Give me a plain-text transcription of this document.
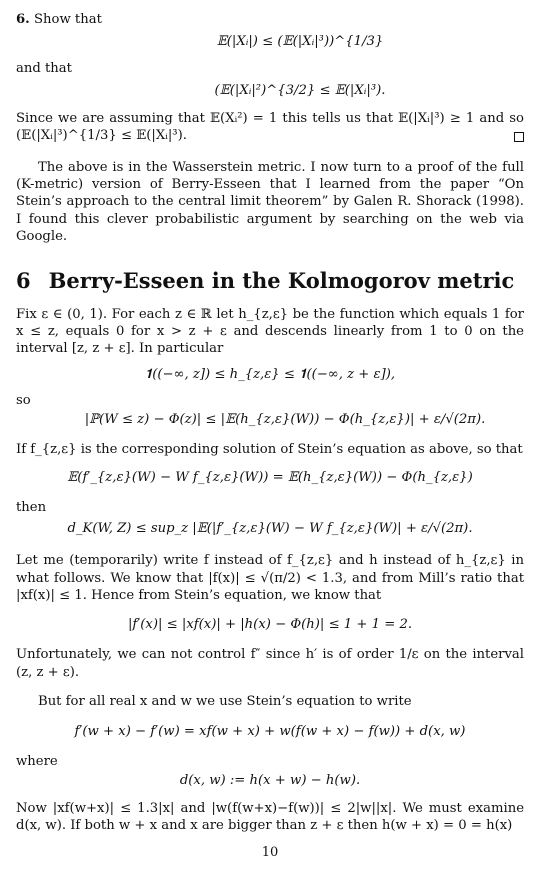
6. Show that

𝔼(|Xᵢ|) ≤ (𝔼(|Xᵢ|³))^{1/3}

and that

(𝔼(|Xᵢ|²)^{3/2} ≤ 𝔼(|Xᵢ|³).

Since we are assuming that 𝔼(Xᵢ²) = 1 this tells us that 𝔼(|Xᵢ|³) ≥ 1 and so (𝔼(|Xᵢ|³)^{1/3} ≤ 𝔼(|Xᵢ|³).

The above is in the Wasserstein metric. I now turn to a proof of the full (K-metric) version of Berry-Esseen that I learned from the paper “On Stein’s approach to the central limit theorem” by Galen R. Shorack (1998). I found this clever probabilistic argument by searching on the web via Google.

6 Berry-Esseen in the Kolmogorov metric

Fix ε ∈ (0, 1). For each z ∈ ℝ let h_{z,ε} be the function which equals 1 for x ≤ z, equals 0 for x > z + ε and descends linearly from 1 to 0 on the interval [z, z + ε]. In particular

𝟏((−∞, z]) ≤ h_{z,ε} ≤ 𝟏((−∞, z + ε]),

so

|ℙ(W ≤ z) − Φ(z)| ≤ |𝔼(h_{z,ε}(W)) − Φ(h_{z,ε})| + ε/√(2π).

If f_{z,ε} is the corresponding solution of Stein’s equation as above, so that

𝔼(f′_{z,ε}(W) − W f_{z,ε}(W)) = 𝔼(h_{z,ε}(W)) − Φ(h_{z,ε})

then

d_K(W, Z) ≤ sup_z |𝔼(|f′_{z,ε}(W) − W f_{z,ε}(W)| + ε/√(2π).

Let me (temporarily) write f instead of f_{z,ε} and h instead of h_{z,ε} in what follows. We know that |f(x)| ≤ √(π/2) < 1.3, and from Mill’s ratio that |xf(x)| ≤ 1. Hence from Stein’s equation, we know that

|f′(x)| ≤ |xf(x)| + |h(x) − Φ(h)| ≤ 1 + 1 = 2.

Unfortunately, we can not control f″ since h′ is of order 1/ε on the interval (z, z + ε).

But for all real x and w we use Stein’s equation to write

f′(w + x) − f′(w) = xf(w + x) + w(f(w + x) − f(w)) + d(x, w)

where

d(x, w) := h(x + w) − h(w).

Now |xf(w+x)| ≤ 1.3|x| and |w(f(w+x)−f(w))| ≤ 2|w||x|. We must examine d(x, w). If both w + x and x are bigger than z + ε then h(w + x) = 0 = h(x)

10
